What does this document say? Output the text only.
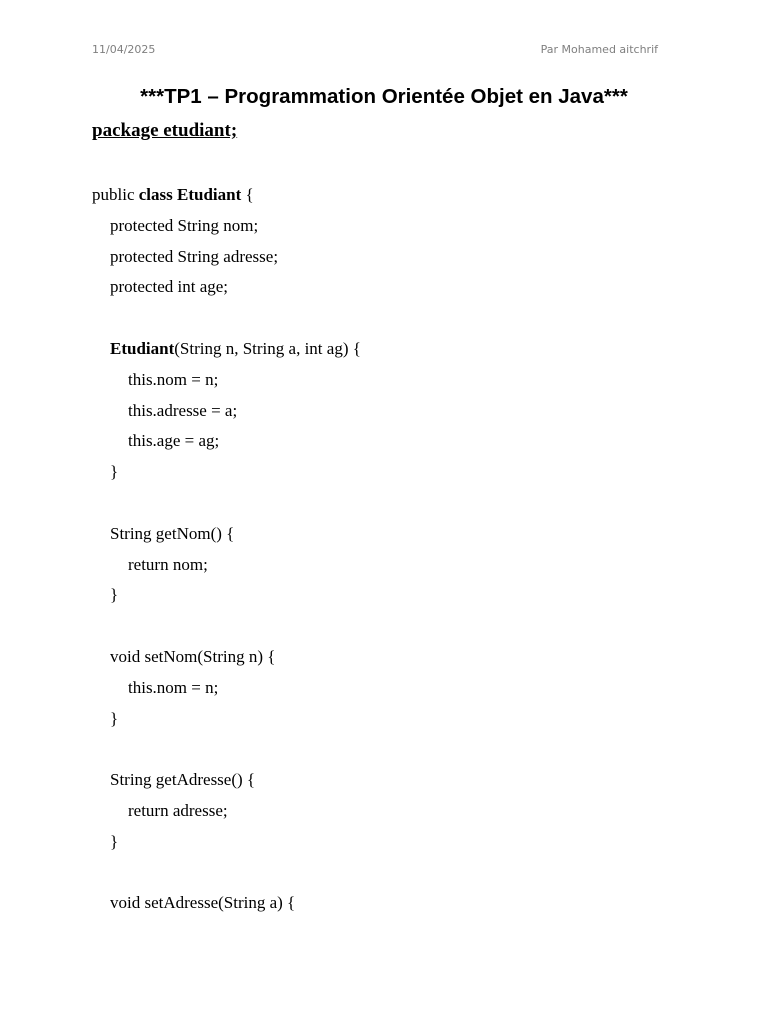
11/04/2025	Par Mohamed aitchrif
***TP1 – Programmation Orientée Objet en Java***
package etudiant;
public class Etudiant {
protected String nom;
protected String adresse;
protected int age;
Etudiant(String n, String a, int ag) {
this.nom = n;
this.adresse = a;
this.age = ag;
}
String getNom() {
return nom;
}
void setNom(String n) {
this.nom = n;
}
String getAdresse() {
return adresse;
}
void setAdresse(String a) {
